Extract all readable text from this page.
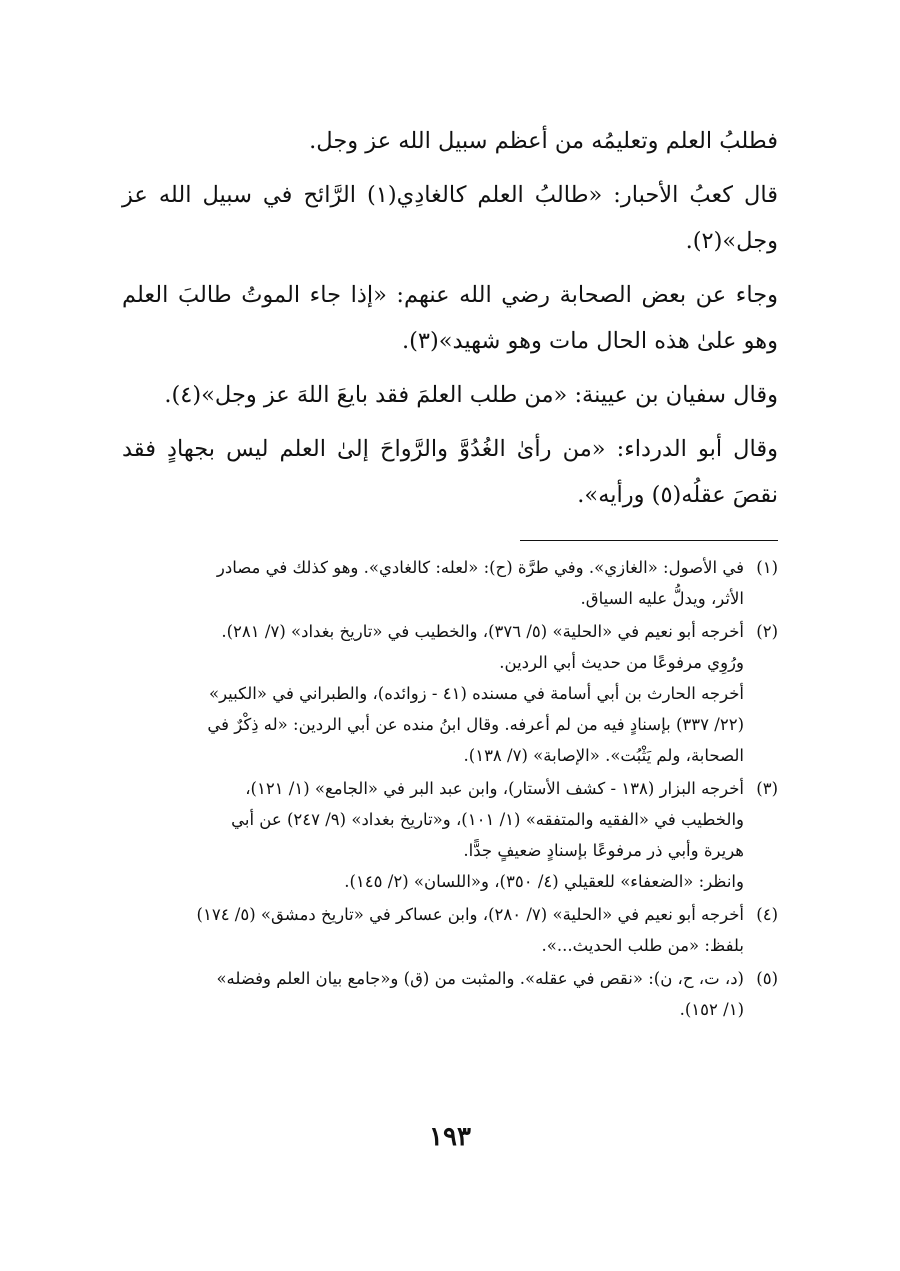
فطلبُ العلم وتعليمُه من أعظم سبيل الله عز وجل.

قال كعبُ الأحبار: «طالبُ العلم كالغادِي(١) الرَّائح في سبيل الله عز وجل»(٢).

وجاء عن بعض الصحابة رضي الله عنهم: «إذا جاء الموتُ طالبَ العلم وهو علىٰ هذه الحال مات وهو شهيد»(٣).

وقال سفيان بن عيينة: «من طلب العلمَ فقد بايعَ اللهَ عز وجل»(٤).

وقال أبو الدرداء: «من رأىٰ الغُدُوَّ والرَّواحَ إلىٰ العلم ليس بجهادٍ فقد نقصَ عقلُه(٥) ورأيه».

(١)
في الأصول: «الغازي». وفي طرَّة (ح): «لعله: كالغادي». وهو كذلك في مصادر
الأثر، ويدلُّ عليه السياق.
(٢)
أخرجه أبو نعيم في «الحلية» (٥/ ٣٧٦)، والخطيب في «تاريخ بغداد» (٧/ ٢٨١).
ورُوِي مرفوعًا من حديث أبي الردين.
أخرجه الحارث بن أبي أسامة في مسنده (٤١ - زوائده)، والطبراني في «الكبير»
(٢٢/ ٣٣٧) بإسنادٍ فيه من لم أعرفه. وقال ابنُ منده عن أبي الردين: «له ذِكْرٌ في
الصحابة، ولم يَثْبُت». «الإصابة» (٧/ ١٣٨).
(٣)
أخرجه البزار (١٣٨ - كشف الأستار)، وابن عبد البر في «الجامع» (١/ ١٢١)،
والخطيب في «الفقيه والمتفقه» (١/ ١٠١)، و«تاريخ بغداد» (٩/ ٢٤٧) عن أبي
هريرة وأبي ذر مرفوعًا بإسنادٍ ضعيفٍ جدًّا.
وانظر: «الضعفاء» للعقيلي (٤/ ٣٥٠)، و«اللسان» (٢/ ١٤٥).
(٤)
أخرجه أبو نعيم في «الحلية» (٧/ ٢٨٠)، وابن عساكر في «تاريخ دمشق» (٥/ ١٧٤)
بلفظ: «من طلب الحديث...».
(٥)
(د، ت، ح، ن): «نقص في عقله». والمثبت من (ق) و«جامع بيان العلم وفضله»
(١/ ١٥٢).
١٩٣
